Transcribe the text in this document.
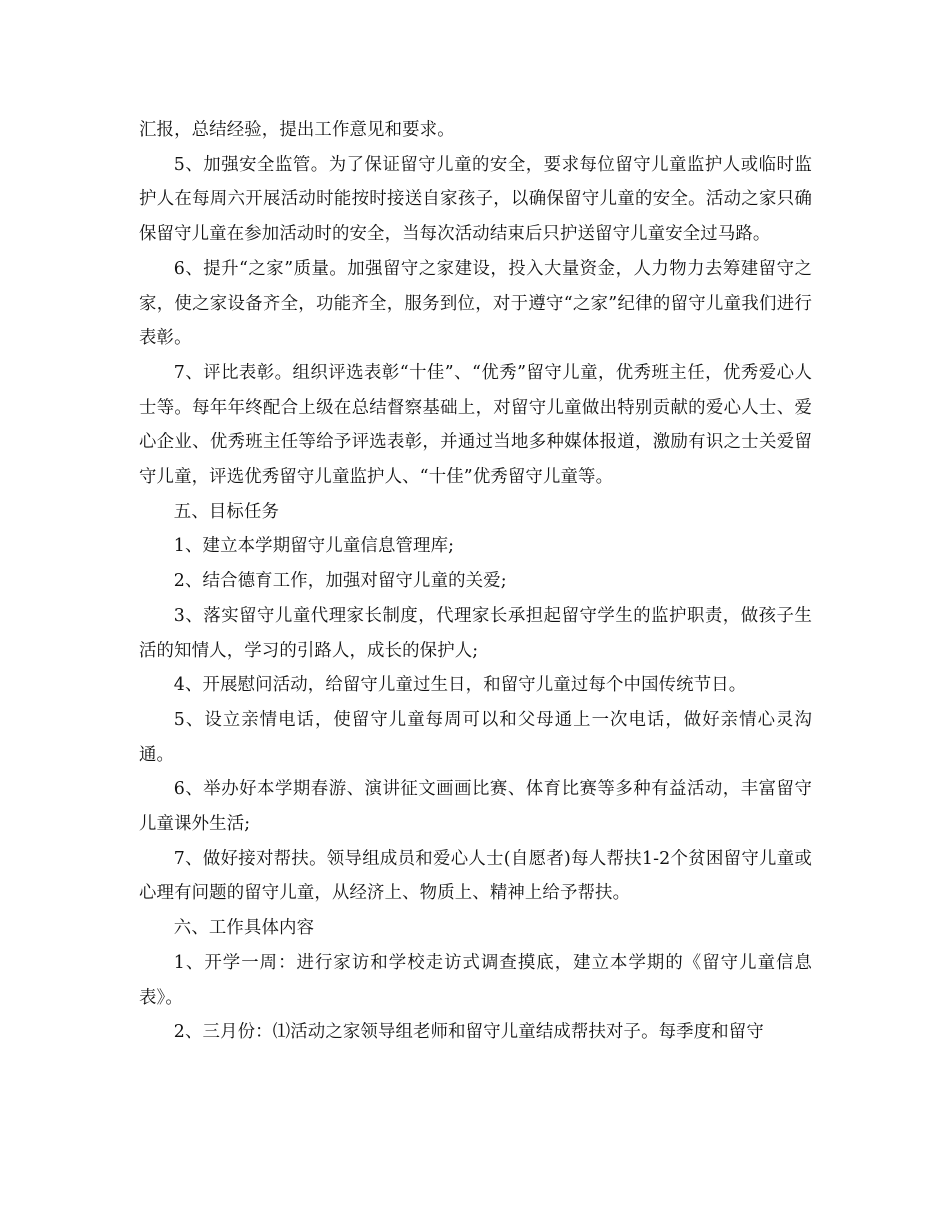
汇报，总结经验，提出工作意见和要求。

5、加强安全监管。为了保证留守儿童的安全，要求每位留守儿童监护人或临时监护人在每周六开展活动时能按时接送自家孩子，以确保留守儿童的安全。活动之家只确保留守儿童在参加活动时的安全，当每次活动结束后只护送留守儿童安全过马路。

6、提升“之家”质量。加强留守之家建设，投入大量资金，人力物力去筹建留守之家，使之家设备齐全，功能齐全，服务到位，对于遵守“之家”纪律的留守儿童我们进行表彰。

7、评比表彰。组织评选表彰“十佳”、“优秀”留守儿童，优秀班主任，优秀爱心人士等。每年年终配合上级在总结督察基础上，对留守儿童做出特别贡献的爱心人士、爱心企业、优秀班主任等给予评选表彰，并通过当地多种媒体报道，激励有识之士关爱留守儿童，评选优秀留守儿童监护人、“十佳”优秀留守儿童等。

五、目标任务

1、建立本学期留守儿童信息管理库;

2、结合德育工作，加强对留守儿童的关爱;

3、落实留守儿童代理家长制度，代理家长承担起留守学生的监护职责，做孩子生活的知情人，学习的引路人，成长的保护人;

4、开展慰问活动，给留守儿童过生日，和留守儿童过每个中国传统节日。

5、设立亲情电话，使留守儿童每周可以和父母通上一次电话，做好亲情心灵沟通。

6、举办好本学期春游、演讲征文画画比赛、体育比赛等多种有益活动，丰富留守儿童课外生活;

7、做好接对帮扶。领导组成员和爱心人士(自愿者)每人帮扶1-2个贫困留守儿童或心理有问题的留守儿童，从经济上、物质上、精神上给予帮扶。

六、工作具体内容

1、开学一周：进行家访和学校走访式调查摸底，建立本学期的《留守儿童信息表》。

2、三月份：⑴活动之家领导组老师和留守儿童结成帮扶对子。每季度和留守
